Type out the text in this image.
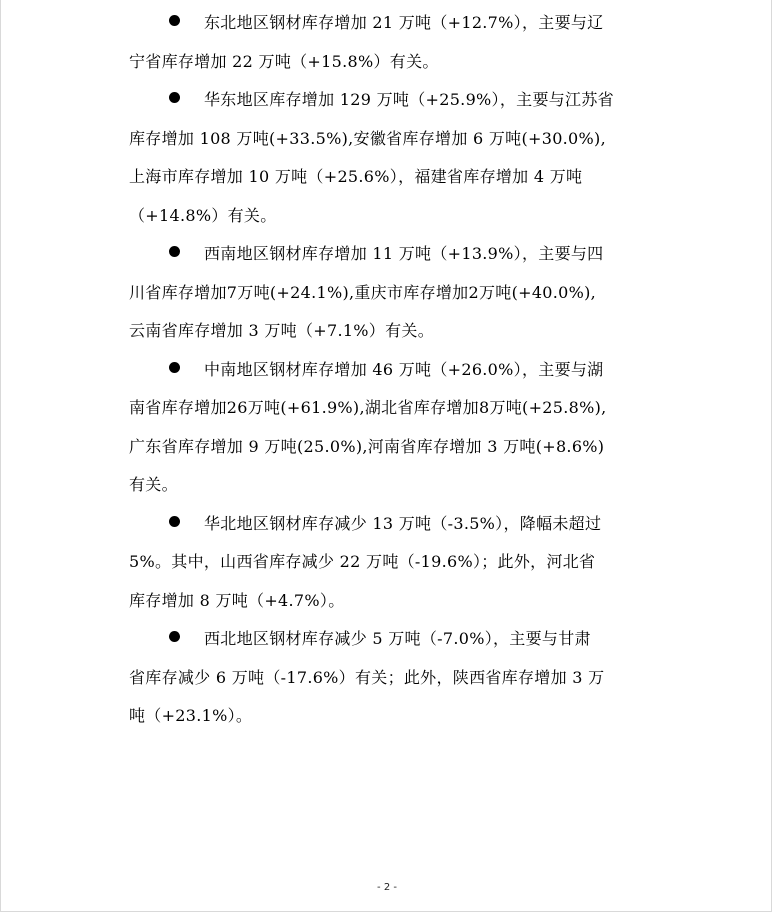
东北地区钢材库存增加 21 万吨（+12.7%），主要与辽
宁省库存增加 22 万吨（+15.8%）有关。
华东地区库存增加 129 万吨（+25.9%），主要与江苏省
库存增加 108 万吨(+33.5%),安徽省库存增加 6 万吨(+30.0%),
上海市库存增加 10 万吨（+25.6%），福建省库存增加 4 万吨
（+14.8%）有关。
西南地区钢材库存增加 11 万吨（+13.9%），主要与四
川省库存增加7万吨(+24.1%),重庆市库存增加2万吨(+40.0%),
云南省库存增加 3 万吨（+7.1%）有关。
中南地区钢材库存增加 46 万吨（+26.0%），主要与湖
南省库存增加26万吨(+61.9%),湖北省库存增加8万吨(+25.8%),
广东省库存增加 9 万吨(25.0%),河南省库存增加 3 万吨(+8.6%)
有关。
华北地区钢材库存减少 13 万吨（-3.5%），降幅未超过
5%。其中，山西省库存减少 22 万吨（-19.6%）；此外，河北省
库存增加 8 万吨（+4.7%）。
西北地区钢材库存减少 5 万吨（-7.0%），主要与甘肃
省库存减少 6 万吨（-17.6%）有关；此外，陕西省库存增加 3 万
吨（+23.1%）。
- 2 -
